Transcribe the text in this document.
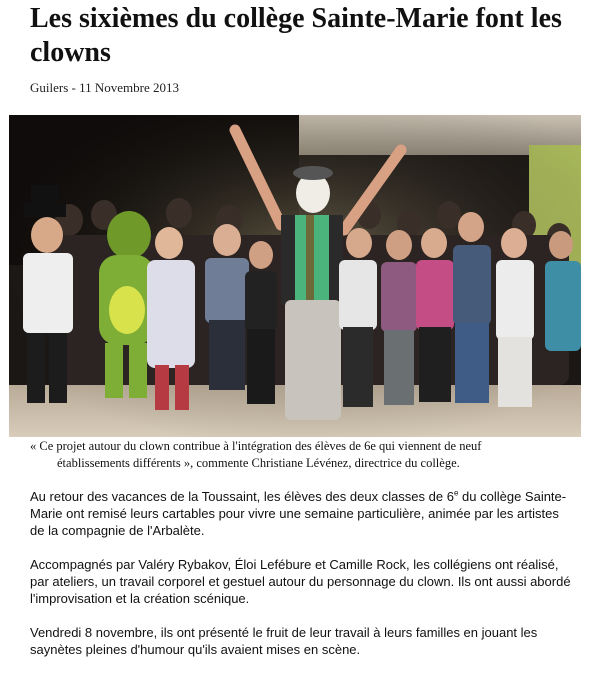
Les sixièmes du collège Sainte-Marie font les clowns
Guilers - 11 Novembre 2013
« Ce projet autour du clown contribue à l'intégration des élèves de 6e qui viennent de neuf
établissements différents », commente Christiane Lévénez, directrice du collège.

Au retour des vacances de la Toussaint, les élèves des deux classes de 6e du collège Sainte-Marie ont remisé leurs cartables pour vivre une semaine particulière, animée par les artistes de la compagnie de l'Arbalète.

Accompagnés par Valéry Rybakov, Éloi Lefébure et Camille Rock, les collégiens ont réalisé, par ateliers, un travail corporel et gestuel autour du personnage du clown. Ils ont aussi abordé l'improvisation et la création scénique.

Vendredi 8 novembre, ils ont présenté le fruit de leur travail à leurs familles en jouant les saynètes pleines d'humour qu'ils avaient mises en scène.
